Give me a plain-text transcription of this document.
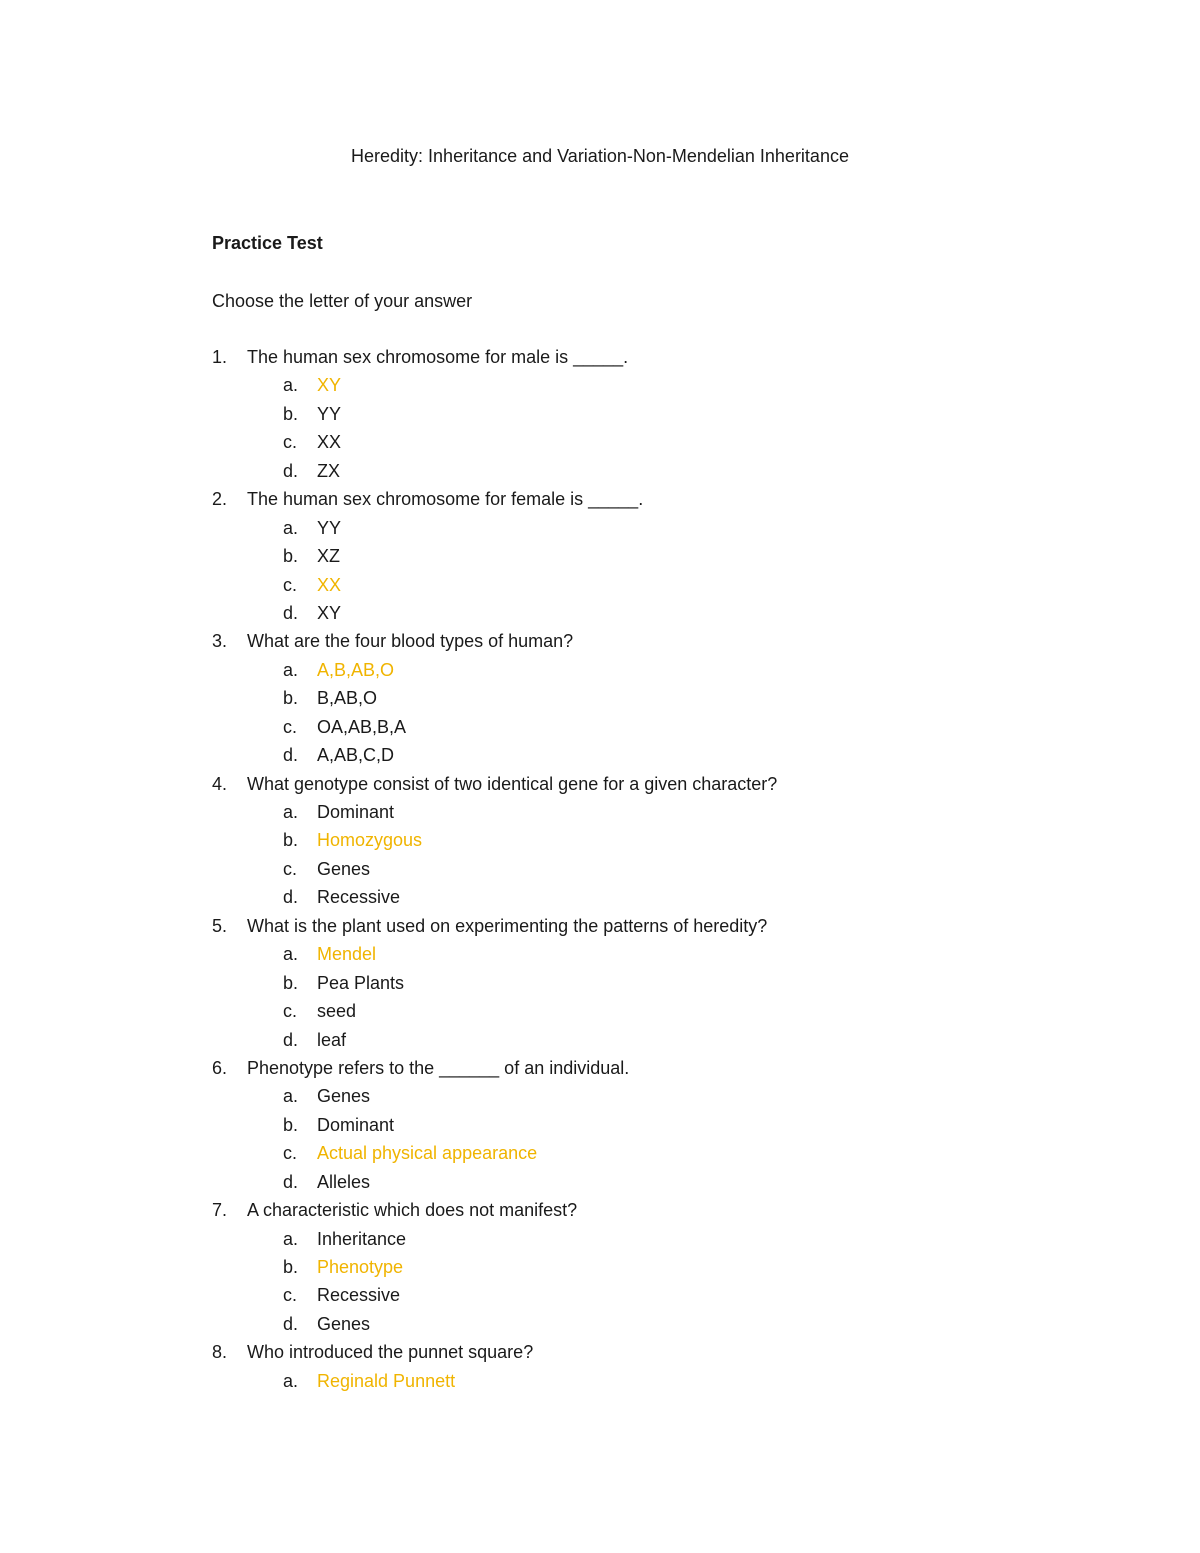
Heredity: Inheritance and Variation-Non-Mendelian Inheritance
Practice Test
Choose the letter of your answer
1. The human sex chromosome for male is _____.
a. XY
b. YY
c. XX
d. ZX
2. The human sex chromosome for female is _____.
a. YY
b. XZ
c. XX
d. XY
3. What are the four blood types of human?
a. A,B,AB,O
b. B,AB,O
c. OA,AB,B,A
d. A,AB,C,D
4. What genotype consist of two identical gene for a given character?
a. Dominant
b. Homozygous
c. Genes
d. Recessive
5. What is the plant used on experimenting the patterns of heredity?
a. Mendel
b. Pea Plants
c. seed
d. leaf
6. Phenotype refers to the ______ of an individual.
a. Genes
b. Dominant
c. Actual physical appearance
d. Alleles
7. A characteristic which does not manifest?
a. Inheritance
b. Phenotype
c. Recessive
d. Genes
8. Who introduced the punnet square?
a. Reginald Punnett
